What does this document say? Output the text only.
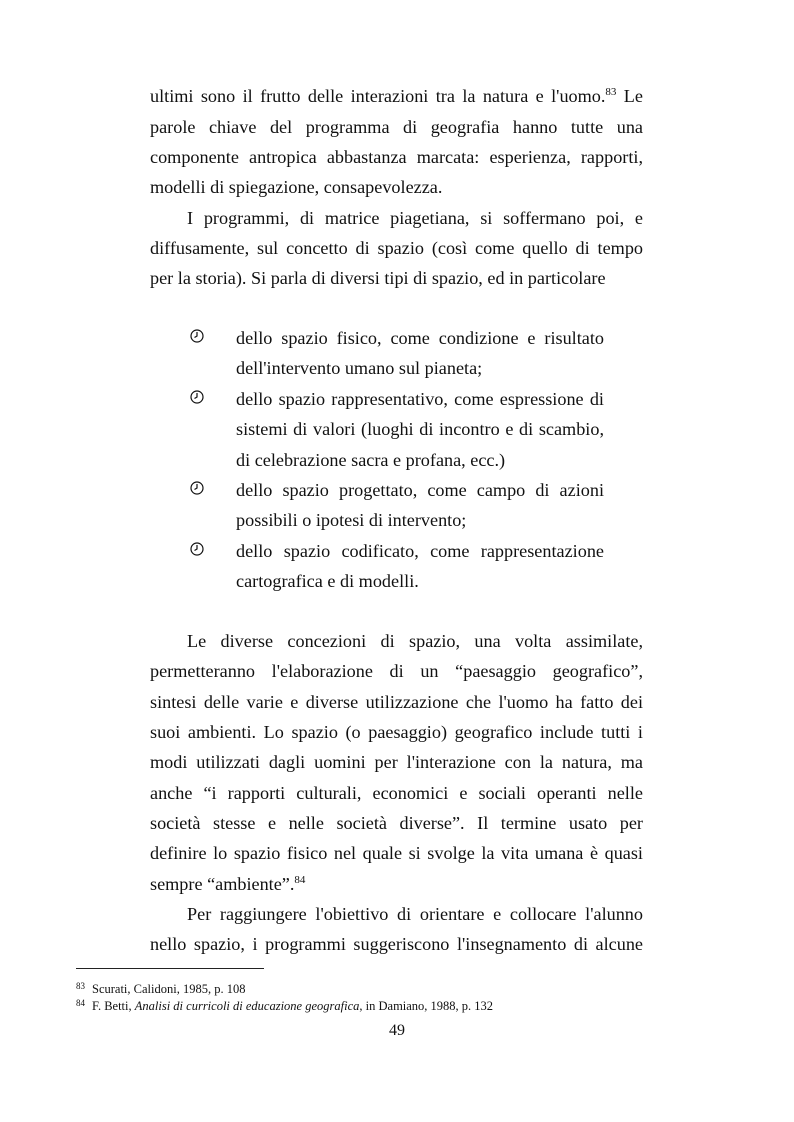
ultimi sono il frutto delle interazioni tra la natura e l'uomo.$^{83}$ Le
parole chiave del programma di geografia hanno tutte una
componente antropica abbastanza marcata: esperienza, rapporti,
modelli di spiegazione, consapevolezza.
I programmi, di matrice piagetiana, si soffermano poi, e
diffusamente, sul concetto di spazio (così come quello di tempo
per la storia). Si parla di diversi tipi di spazio, ed in particolare
dello spazio fisico, come condizione e risultato
dell'intervento umano sul pianeta;
dello spazio rappresentativo, come espressione di
sistemi di valori (luoghi di incontro e di scambio,
di celebrazione sacra e profana, ecc.)
dello spazio progettato, come campo di azioni
possibili o ipotesi di intervento;
dello spazio codificato, come rappresentazione
cartografica e di modelli.
Le diverse concezioni di spazio, una volta assimilate,
permetteranno l'elaborazione di un “paesaggio geografico”,
sintesi delle varie e diverse utilizzazione che l'uomo ha fatto dei
suoi ambienti. Lo spazio (o paesaggio) geografico include tutti i
modi utilizzati dagli uomini per l'interazione con la natura, ma
anche “i rapporti culturali, economici e sociali operanti nelle
società stesse e nelle società diverse”. Il termine usato per
definire lo spazio fisico nel quale si svolge la vita umana è quasi
sempre “ambiente”.$^{84}$
Per raggiungere l'obiettivo di orientare e collocare l'alunno
nello spazio, i programmi suggeriscono l'insegnamento di alcune
83 Scurati, Calidoni, 1985, p. 108
84 F. Betti, Analisi di curricoli di educazione geografica, in Damiano, 1988, p. 132
49
